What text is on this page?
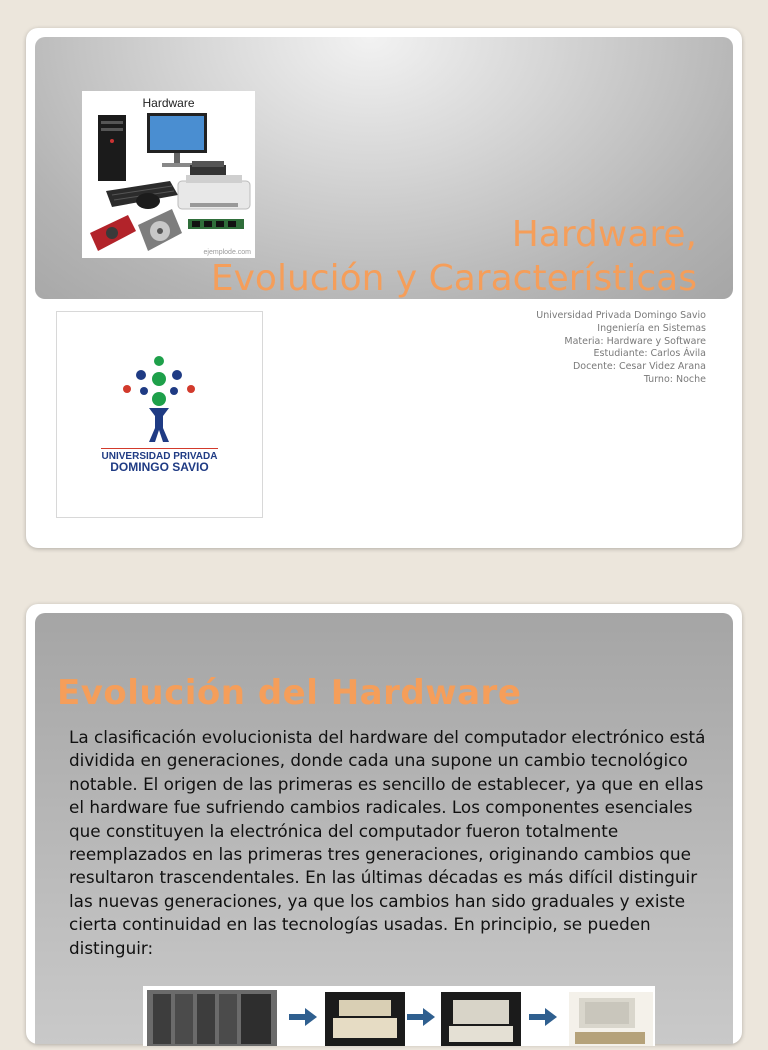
Hardware
ejemplode.com	Hardware,
Evolución y Características
UNIVERSIDAD PRIVADA
DOMINGO SAVIO
Universidad Privada Domingo Savio
Ingeniería en Sistemas
Materia: Hardware y Software
Estudiante: Carlos Ávila
Docente: Cesar Videz Arana
Turno: Noche
Evolución del Hardware

La clasificación evolucionista del hardware del computador electrónico está dividida en generaciones, donde cada una supone un cambio tecnológico notable. El origen de las primeras es sencillo de establecer, ya que en ellas el hardware fue sufriendo cambios radicales. Los componentes esenciales que constituyen la electrónica del computador fueron totalmente reemplazados en las primeras tres generaciones, originando cambios que resultaron trascendentales. En las últimas décadas es más difícil distinguir las nuevas generaciones, ya que los cambios han sido graduales y existe cierta continuidad en las tecnologías usadas. En principio, se pueden distinguir:
